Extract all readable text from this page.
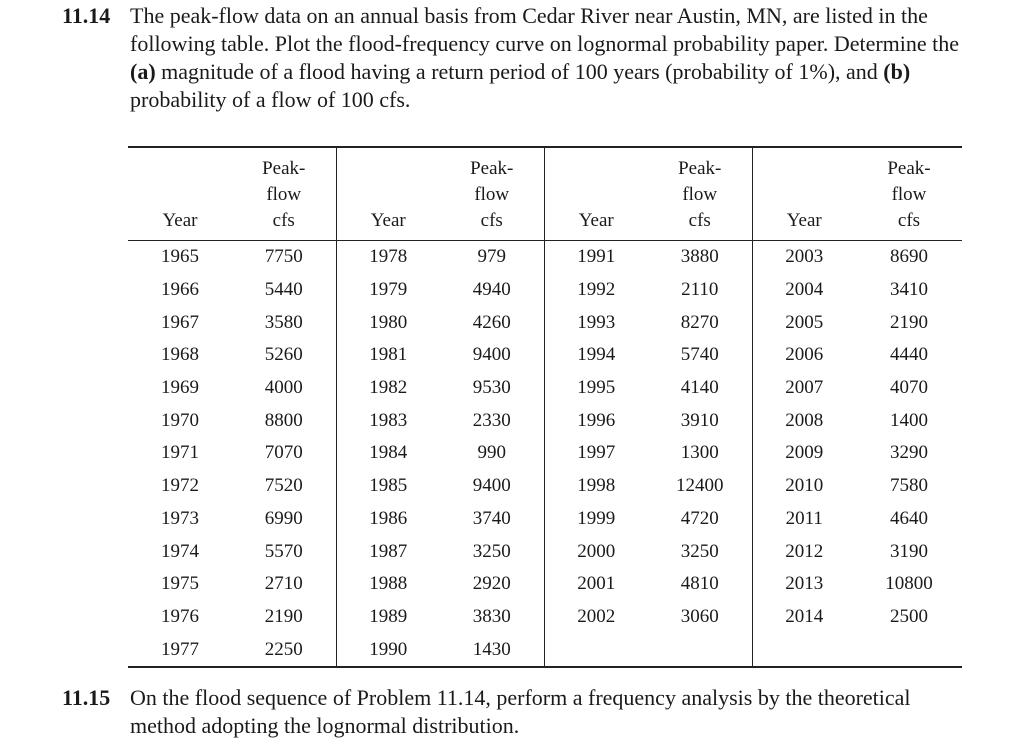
11.14 The peak-flow data on an annual basis from Cedar River near Austin, MN, are listed in the following table. Plot the flood-frequency curve on lognormal probability paper. Determine the (a) magnitude of a flood having a return period of 100 years (probability of 1%), and (b) probability of a flow of 100 cfs.
Year	Peak-
flow
cfs	Year	Peak-
flow
cfs	Year	Peak-
flow
cfs	Year	Peak-
flow
cfs

1965	7750	1978	979	1991	3880	2003	8690
1966	5440	1979	4940	1992	2110	2004	3410
1967	3580	1980	4260	1993	8270	2005	2190
1968	5260	1981	9400	1994	5740	2006	4440
1969	4000	1982	9530	1995	4140	2007	4070
1970	8800	1983	2330	1996	3910	2008	1400
1971	7070	1984	990	1997	1300	2009	3290
1972	7520	1985	9400	1998	12400	2010	7580
1973	6990	1986	3740	1999	4720	2011	4640
1974	5570	1987	3250	2000	3250	2012	3190
1975	2710	1988	2920	2001	4810	2013	10800
1976	2190	1989	3830	2002	3060	2014	2500
1977	2250	1990	1430				
11.15 On the flood sequence of Problem 11.14, perform a frequency analysis by the theoretical method adopting the lognormal distribution.
